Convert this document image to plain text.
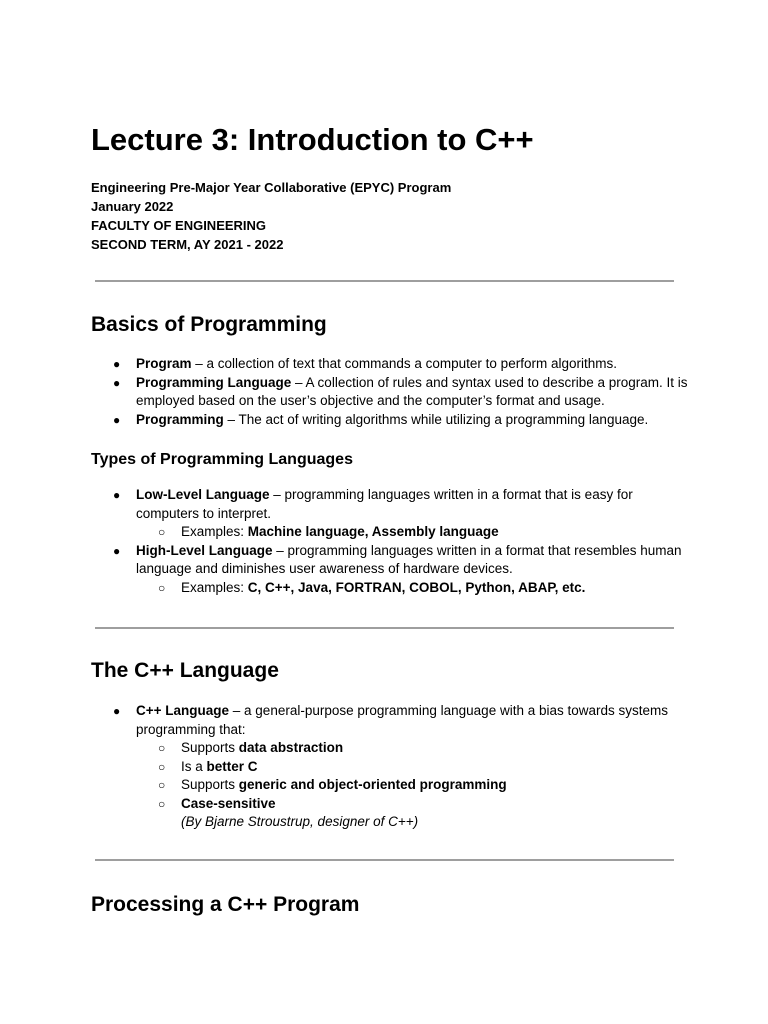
Lecture 3: Introduction to C++
Engineering Pre-Major Year Collaborative (EPYC) Program
January 2022
FACULTY OF ENGINEERING
SECOND TERM, AY 2021 - 2022
Basics of Programming
● Program – a collection of text that commands a computer to perform algorithms.
● Programming Language – A collection of rules and syntax used to describe a program. It is employed based on the user’s objective and the computer’s format and usage.
● Programming – The act of writing algorithms while utilizing a programming language.
Types of Programming Languages
● Low-Level Language – programming languages written in a format that is easy for computers to interpret.
○ Examples: Machine language, Assembly language
● High-Level Language – programming languages written in a format that resembles human language and diminishes user awareness of hardware devices.
○ Examples: C, C++, Java, FORTRAN, COBOL, Python, ABAP, etc.
The C++ Language
● C++ Language – a general-purpose programming language with a bias towards systems programming that:
○ Supports data abstraction
○ Is a better C
○ Supports generic and object-oriented programming
○ Case-sensitive
(By Bjarne Stroustrup, designer of C++)
Processing a C++ Program
